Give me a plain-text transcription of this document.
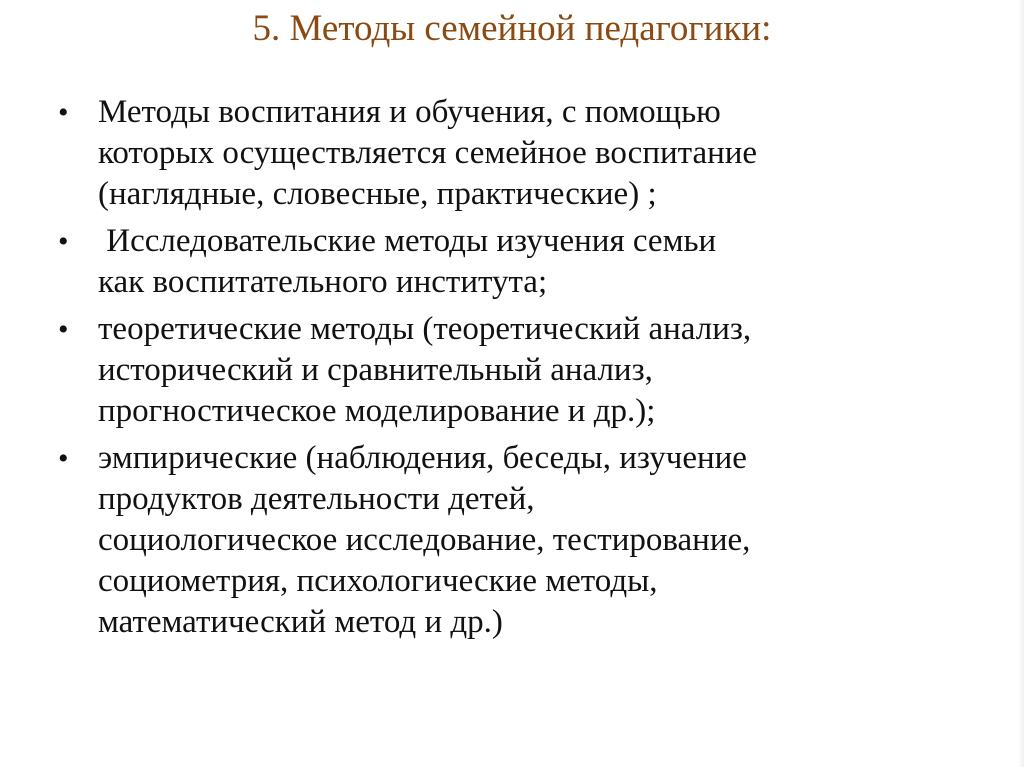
5. Методы семейной педагогики:
• Методы воспитания и обучения, с помощью
которых осуществляется семейное воспитание
(наглядные, словесные, практические) ;
• Исследовательские методы изучения семьи
как воспитательного института;
• теоретические методы (теоретический анализ,
исторический и сравнительный анализ,
прогностическое моделирование и др.);
• эмпирические (наблюдения, беседы, изучение
продуктов деятельности детей,
социологическое исследование, тестирование,
социометрия, психологические методы,
математический метод и др.)
